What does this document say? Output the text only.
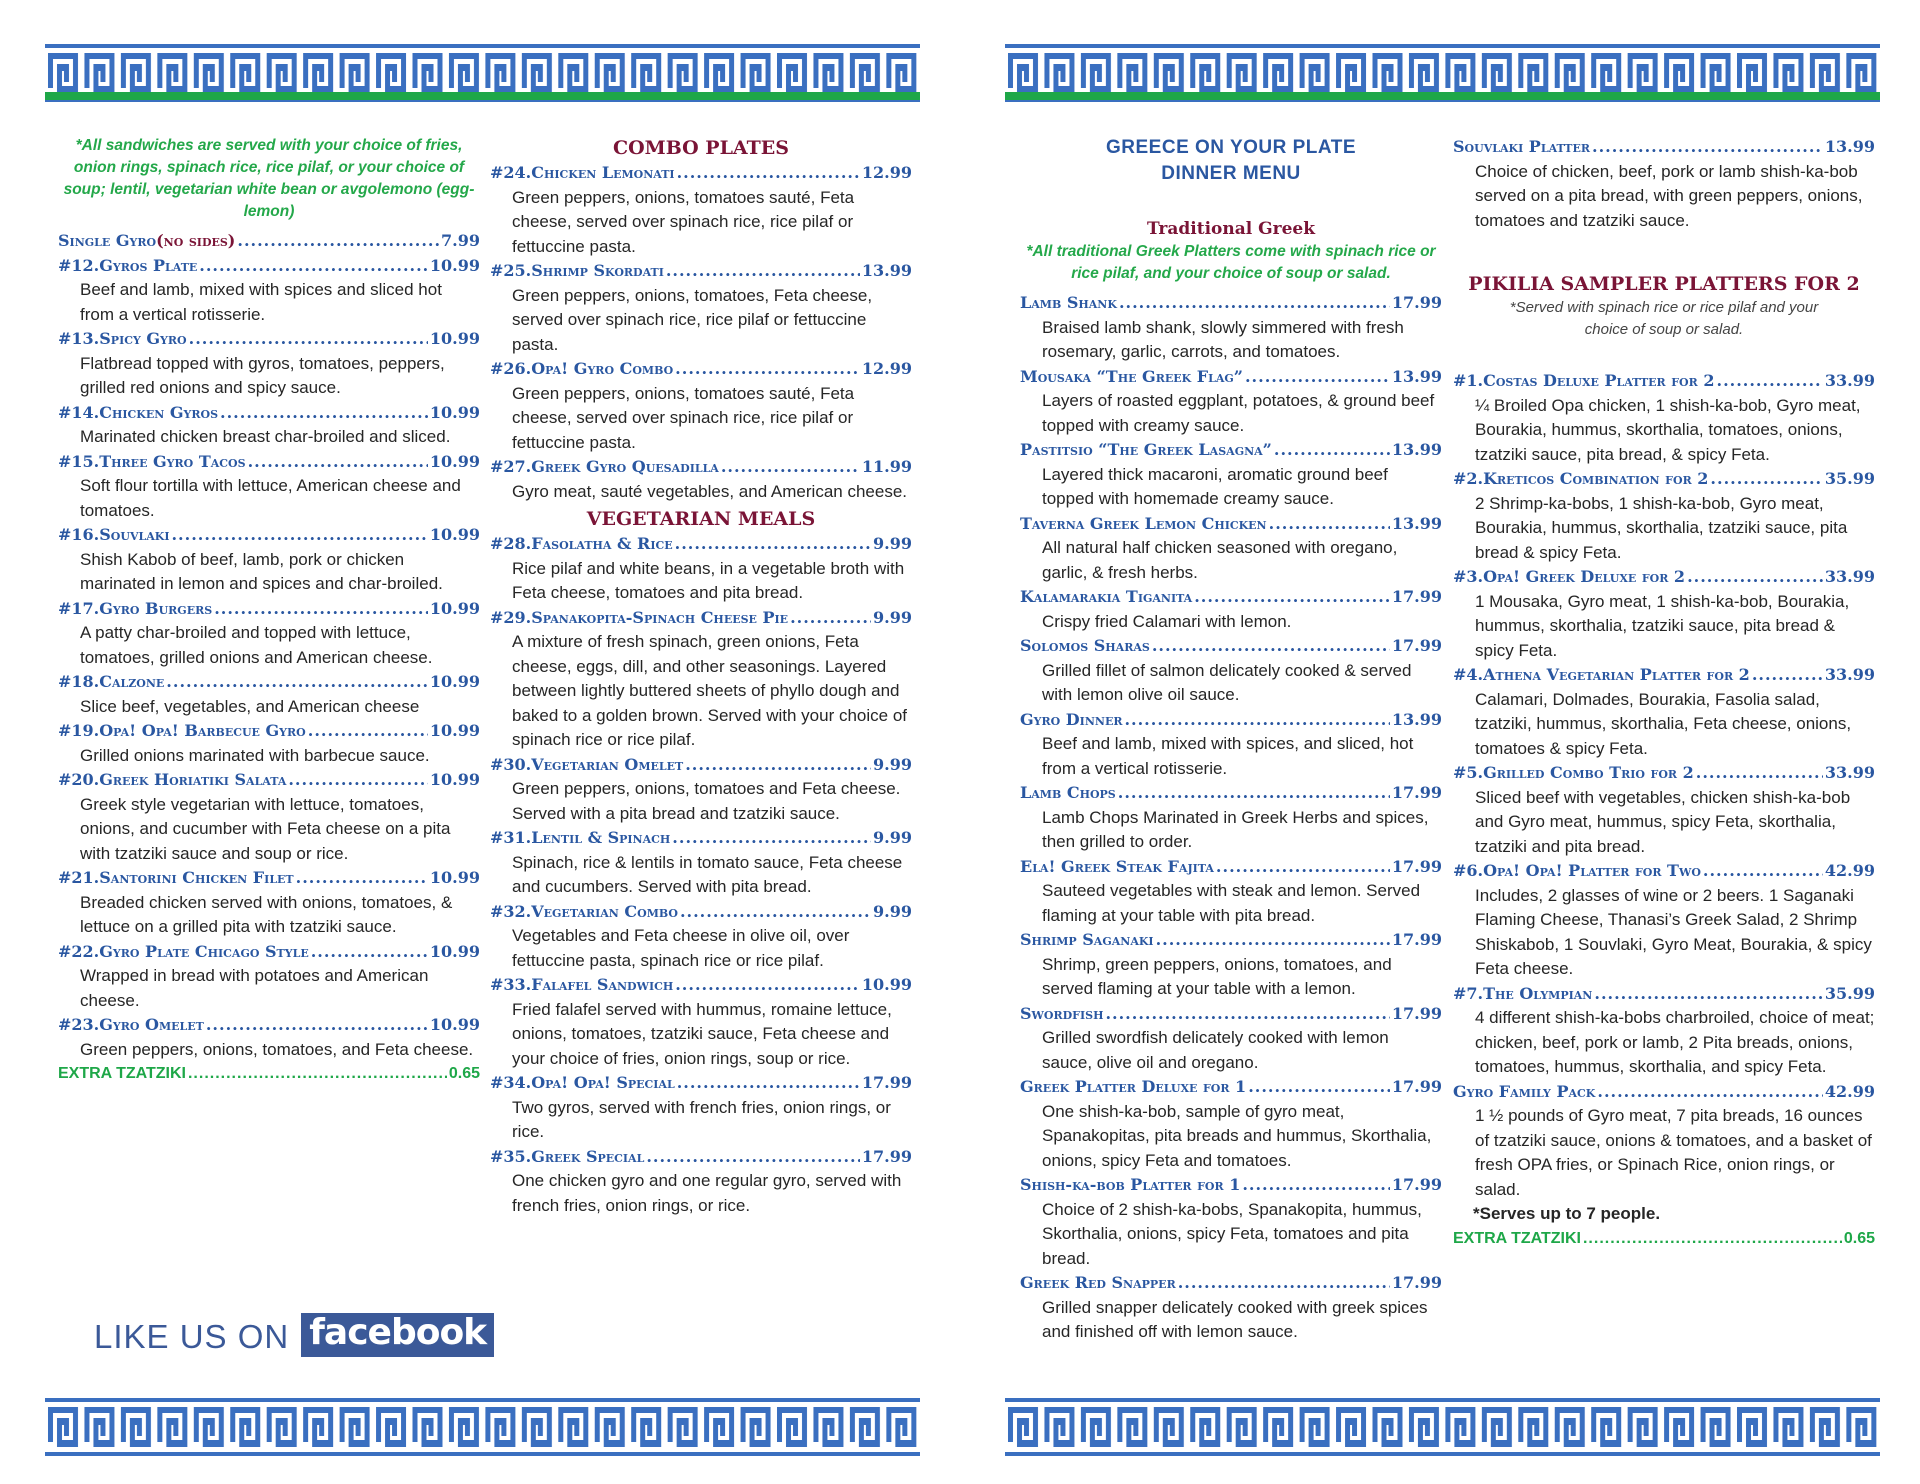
*All sandwiches are served with your choice of fries, onion rings, spinach rice, rice pilaf, or your choice of soup; lentil, vegetarian white bean or avgolemono (egg-lemon)

Single Gyro (no sides) .....	7.99
#12.Gyros Plate .....	10.99

Beef and lamb, mixed with spices and sliced hot from a vertical rotisserie.

#13.Spicy Gyro .....	10.99

Flatbread topped with gyros, tomatoes, peppers, grilled red onions and spicy sauce.

#14.Chicken Gyros .....	10.99

Marinated chicken breast char-broiled and sliced.

#15.Three Gyro Tacos .....	10.99

Soft flour tortilla with lettuce, American cheese and tomatoes.

#16.Souvlaki .....	10.99

Shish Kabob of beef, lamb, pork or chicken marinated in lemon and spices and char-broiled.

#17.Gyro Burgers .....	10.99

A patty char-broiled and topped with lettuce, tomatoes, grilled onions and American cheese.

#18.Calzone .....	10.99

Slice beef, vegetables, and American cheese

#19.Opa! Opa! Barbecue Gyro .....	10.99

Grilled onions marinated with barbecue sauce.

#20.Greek Horiatiki Salata .....	10.99

Greek style vegetarian with lettuce, tomatoes, onions, and cucumber with Feta cheese on a pita with tzatziki sauce and soup or rice.

#21.Santorini Chicken Filet .....	10.99

Breaded chicken served with onions, tomatoes, & lettuce on a grilled pita with tzatziki sauce.

#22.Gyro Plate Chicago Style .....	10.99

Wrapped in bread with potatoes and American cheese.

#23.Gyro Omelet .....	10.99

Green peppers, onions, tomatoes, and Feta cheese.

EXTRA TZATZIKI .....	0.65
COMBO PLATES
#24.Chicken Lemonati .....	12.99

Green peppers, onions, tomatoes sauté, Feta cheese, served over spinach rice, rice pilaf or fettuccine pasta.

#25.Shrimp Skordati .....	13.99

Green peppers, onions, tomatoes, Feta cheese, served over spinach rice, rice pilaf or fettuccine pasta.

#26.Opa! Gyro Combo .....	12.99

Green peppers, onions, tomatoes sauté, Feta cheese, served over spinach rice, rice pilaf or fettuccine pasta.

#27.Greek Gyro Quesadilla .....	11.99

Gyro meat, sauté vegetables, and American cheese.

VEGETARIAN MEALS
#28.Fasolatha & Rice .....	9.99

Rice pilaf and white beans, in a vegetable broth with Feta cheese, tomatoes and pita bread.

#29.Spanakopita-Spinach Cheese Pie .....	9.99

A mixture of fresh spinach, green onions, Feta cheese, eggs, dill, and other seasonings. Layered between lightly buttered sheets of phyllo dough and baked to a golden brown. Served with your choice of spinach rice or rice pilaf.

#30.Vegetarian Omelet .....	9.99

Green peppers, onions, tomatoes and Feta cheese. Served with a pita bread and tzatziki sauce.

#31.Lentil & Spinach .....	9.99

Spinach, rice & lentils in tomato sauce, Feta cheese and cucumbers. Served with pita bread.

#32.Vegetarian Combo .....	9.99

Vegetables and Feta cheese in olive oil, over fettuccine pasta, spinach rice or rice pilaf.

#33.Falafel Sandwich .....	10.99

Fried falafel served with hummus, romaine lettuce, onions, tomatoes, tzatziki sauce, Feta cheese and your choice of fries, onion rings, soup or rice.

#34.Opa! Opa! Special .....	17.99

Two gyros, served with french fries, onion rings, or rice.

#35.Greek Special .....	17.99

One chicken gyro and one regular gyro, served with french fries, onion rings, or rice.

LIKE US ON facebook

GREECE ON YOUR PLATE

DINNER MENU

Traditional Greek

*All traditional Greek Platters come with spinach rice or rice pilaf, and your choice of soup or salad.

Lamb Shank .....	17.99

Braised lamb shank, slowly simmered with fresh rosemary, garlic, carrots, and tomatoes.

Mousaka “The Greek Flag” .....	13.99

Layers of roasted eggplant, potatoes, & ground beef topped with creamy sauce.

Pastitsio “The Greek Lasagna” .....	13.99

Layered thick macaroni, aromatic ground beef topped with homemade creamy sauce.

Taverna Greek Lemon Chicken .....	13.99

All natural half chicken seasoned with oregano, garlic, & fresh herbs.

Kalamarakia Tiganita .....	17.99

Crispy fried Calamari with lemon.

Solomos Sharas .....	17.99

Grilled fillet of salmon delicately cooked & served with lemon olive oil sauce.

Gyro Dinner .....	13.99

Beef and lamb, mixed with spices, and sliced, hot from a vertical rotisserie.

Lamb Chops .....	17.99

Lamb Chops Marinated in Greek Herbs and spices, then grilled to order.

Ela! Greek Steak Fajita .....	17.99

Sauteed vegetables with steak and lemon. Served flaming at your table with pita bread.

Shrimp Saganaki .....	17.99

Shrimp, green peppers, onions, tomatoes, and served flaming at your table with a lemon.

Swordfish .....	17.99

Grilled swordfish delicately cooked with lemon sauce, olive oil and oregano.

Greek Platter Deluxe for 1 .....	17.99

One shish-ka-bob, sample of gyro meat, Spanakopitas, pita breads and hummus, Skorthalia, onions, spicy Feta and tomatoes.

Shish-ka-bob Platter for 1 .....	17.99

Choice of 2 shish-ka-bobs, Spanakopita, hummus, Skorthalia, onions, spicy Feta, tomatoes and pita bread.

Greek Red Snapper .....	17.99

Grilled snapper delicately cooked with greek spices and finished off with lemon sauce.

Souvlaki Platter .....	13.99

Choice of chicken, beef, pork or lamb shish-ka-bob served on a pita bread, with green peppers, onions, tomatoes and tzatziki sauce.

PIKILIA SAMPLER PLATTERS FOR 2

*Served with spinach rice or rice pilaf and your choice of soup or salad.

#1.Costas Deluxe Platter for 2 .....	33.99

¼ Broiled Opa chicken, 1 shish-ka-bob, Gyro meat, Bourakia, hummus, skorthalia, tomatoes, onions, tzatziki sauce, pita bread, & spicy Feta.

#2.Kreticos Combination for 2 .....	35.99

2 Shrimp-ka-bobs, 1 shish-ka-bob, Gyro meat, Bourakia, hummus, skorthalia, tzatziki sauce, pita bread & spicy Feta.

#3.Opa! Greek Deluxe for 2 .....	33.99

1 Mousaka, Gyro meat, 1 shish-ka-bob, Bourakia, hummus, skorthalia, tzatziki sauce, pita bread & spicy Feta.

#4.Athena Vegetarian Platter for 2 .....	33.99

Calamari, Dolmades, Bourakia, Fasolia salad, tzatziki, hummus, skorthalia, Feta cheese, onions, tomatoes & spicy Feta.

#5.Grilled Combo Trio for 2 .....	33.99

Sliced beef with vegetables, chicken shish-ka-bob and Gyro meat, hummus, spicy Feta, skorthalia, tzatziki and pita bread.

#6.Opa! Opa! Platter for Two .....	42.99

Includes, 2 glasses of wine or 2 beers. 1 Saganaki Flaming Cheese, Thanasi’s Greek Salad, 2 Shrimp Shiskabob, 1 Souvlaki, Gyro Meat, Bourakia, & spicy Feta cheese.

#7.The Olympian .....	35.99

4 different shish-ka-bobs charbroiled, choice of meat; chicken, beef, pork or lamb, 2 Pita breads, onions, tomatoes, hummus, skorthalia, and spicy Feta.

Gyro Family Pack .....	42.99

1 ½ pounds of Gyro meat, 7 pita breads, 16 ounces of tzatziki sauce, onions & tomatoes, and a basket of fresh OPA fries, or Spinach Rice, onion rings, or salad.

*Serves up to 7 people.

EXTRA TZATZIKI .....	0.65
